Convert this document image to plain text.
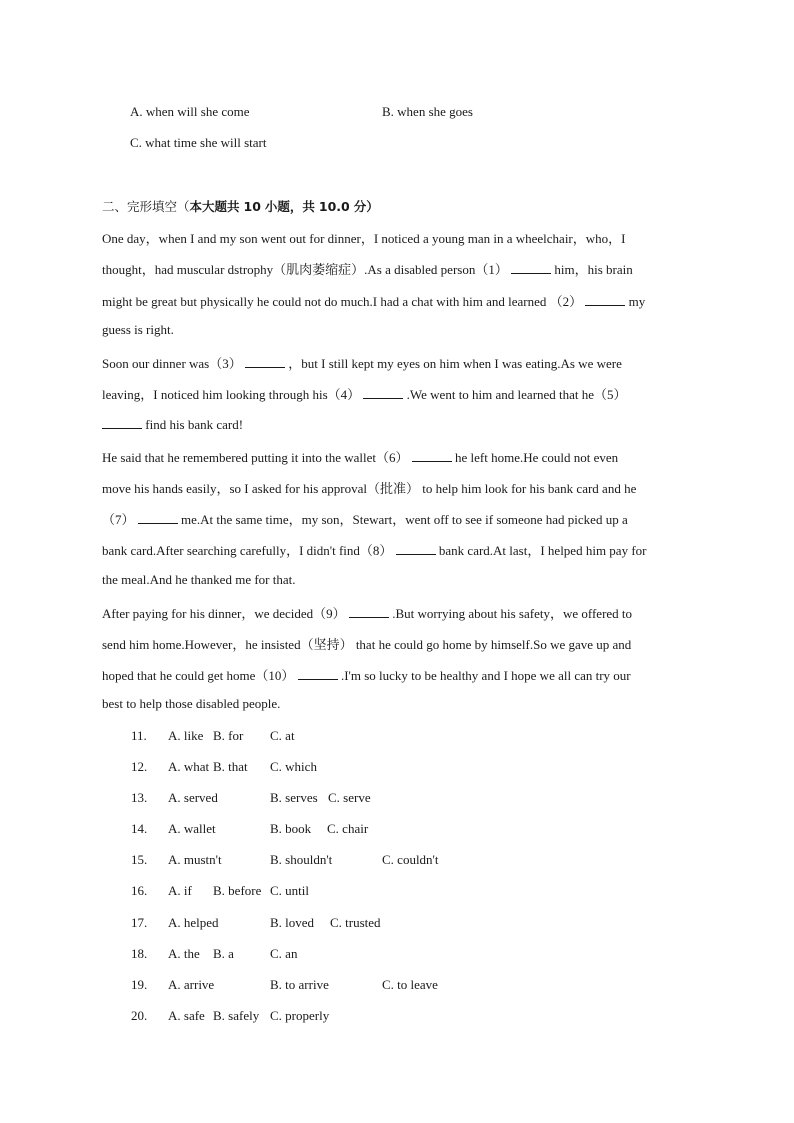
A. when will she come	B. when she goes
C. what time she will start
二、完形填空（本大题共 10 小题，共 10.0 分）
One day，when I and my son went out for dinner，I noticed a young man in a wheelchair，who，I
thought，had muscular dstrophy（肌肉萎缩症）.As a disabled person（1）	him，his brain
might be great but physically he could not do much.I had a chat with him and learned （2）	my
guess is right.
Soon our dinner was（3）	，but I still kept my eyes on him when I was eating.As we were
leaving，I noticed him looking through his（4）	.We went to him and learned that he（5）
find his bank card!
He said that he remembered putting it into the wallet（6）	he left home.He could not even
move his hands easily，so I asked for his approval（批准） to help him look for his bank card and he
（7）	me.At the same time，my son，Stewart，went off to see if someone had picked up a
bank card.After searching carefully，I didn't find（8）	bank card.At last，I helped him pay for
the meal.And he thanked me for that.
After paying for his dinner，we decided（9）	.But worrying about his safety，we offered to
send him home.However，he insisted（坚持） that he could go home by himself.So we gave up and
hoped that he could get home（10）	.I'm so lucky to be healthy and I hope we all can try our
best to help those disabled people.
11. A. like B. for C. at
12. A. what B. that C. which
13. A. served	B. serves C. serve
14. A. wallet	B. book C. chair
15. A. mustn't	B. shouldn't	C. couldn't
16. A. if B. before C. until
17. A. helped	B. loved C. trusted
18. A. the B. a	C. an
19. A. arrive	B. to arrive	C. to leave
20. A. safe B. safely C. properly
